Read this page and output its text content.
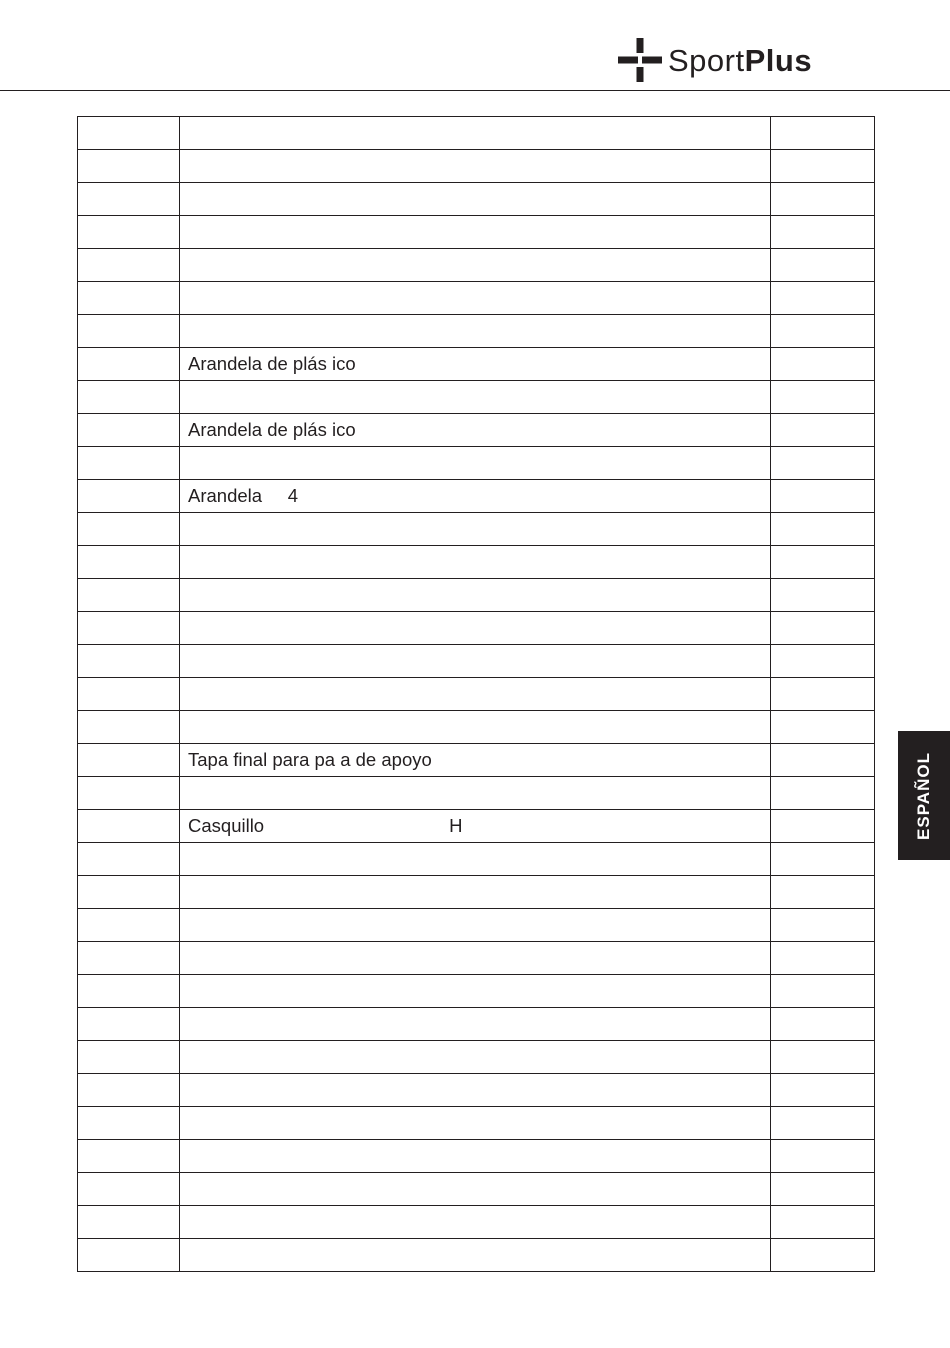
SportPlus

	Arandela de plás ico	

	Arandela de plás ico	

	Arandela     4	

	Tapa final para pa a de apoyo	

	Casquillo                                    H	

			ESPAÑOL
